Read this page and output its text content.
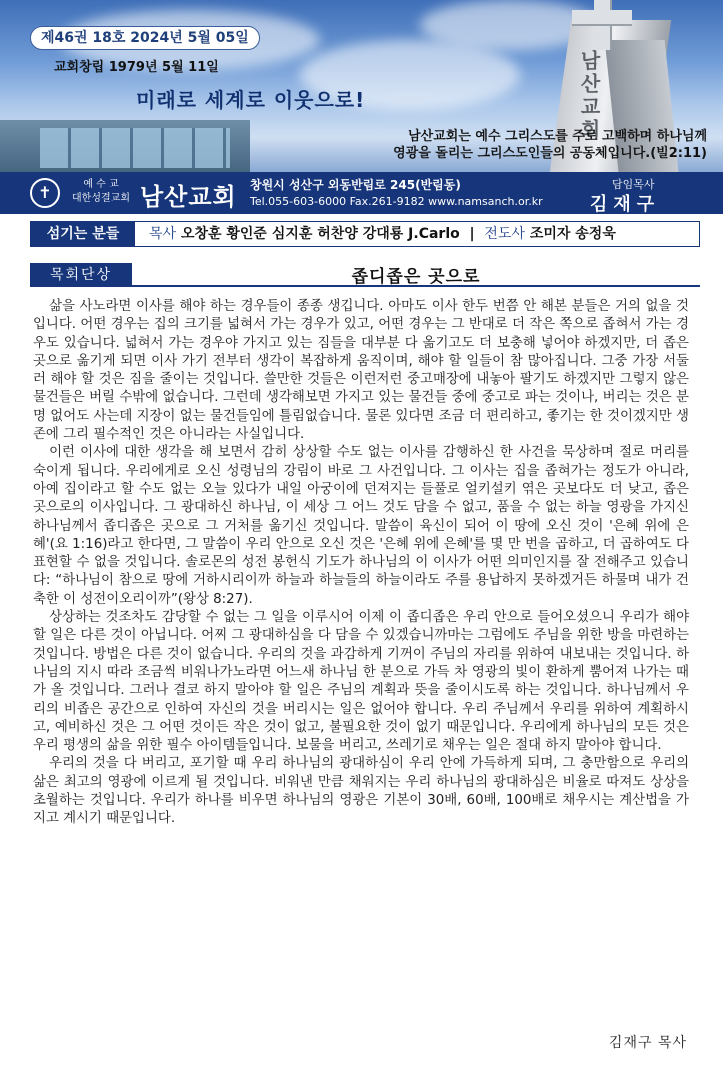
남산교회
제46권 18호 2024년 5월 05일
교회창립 1979년 5월 11일
미래로 세계로 이웃으로!
남산교회는 예수 그리스도를 주로 고백하며 하나님께
영광을 돌리는 그리스도인들의 공동체입니다.(빌2:11)
✝	예 수 교
대한성결교회 남산교회 창원시 성산구 외동반림로 245(반림동)
Tel.055-603-6000 Fax.261-9182 www.namsanch.or.kr
담임목사
김재구
섬기는 분들	목사 오창훈 황인준 심지훈 허찬양 강대룡 J.Carlo | 전도사 조미자 송정욱
목회단상	좁디좁은 곳으로

삶을 사노라면 이사를 해야 하는 경우들이 종종 생깁니다. 아마도 이사 한두 번쯤 안 해본 분들은 거의 없을 것입니다. 어떤 경우는 집의 크기를 넓혀서 가는 경우가 있고, 어떤 경우는 그 반대로 더 작은 쪽으로 좁혀서 가는 경우도 있습니다. 넓혀서 가는 경우야 가지고 있는 짐들을 대부분 다 옮기고도 더 보충해 넣어야 하겠지만, 더 좁은 곳으로 옮기게 되면 이사 가기 전부터 생각이 복잡하게 움직이며, 해야 할 일들이 참 많아집니다. 그중 가장 서둘러 해야 할 것은 짐을 줄이는 것입니다. 쓸만한 것들은 이런저런 중고매장에 내놓아 팔기도 하겠지만 그렇지 않은 물건들은 버릴 수밖에 없습니다. 그런데 생각해보면 가지고 있는 물건들 중에 중고로 파는 것이나, 버리는 것은 분명 없어도 사는데 지장이 없는 물건들임에 틀림없습니다. 물론 있다면 조금 더 편리하고, 좋기는 한 것이겠지만 생존에 그리 필수적인 것은 아니라는 사실입니다.

이런 이사에 대한 생각을 해 보면서 감히 상상할 수도 없는 이사를 감행하신 한 사건을 묵상하며 절로 머리를 숙이게 됩니다. 우리에게로 오신 성령님의 강림이 바로 그 사건입니다. 그 이사는 집을 좁혀가는 정도가 아니라, 아예 집이라고 할 수도 없는 오늘 있다가 내일 아궁이에 던져지는 들풀로 얼키설키 엮은 곳보다도 더 낮고, 좁은 곳으로의 이사입니다. 그 광대하신 하나님, 이 세상 그 어느 것도 담을 수 없고, 품을 수 없는 하늘 영광을 가지신 하나님께서 좁디좁은 곳으로 그 거처를 옮기신 것입니다. 말씀이 육신이 되어 이 땅에 오신 것이 '은혜 위에 은혜'(요 1:16)라고 한다면, 그 말씀이 우리 안으로 오신 것은 '은혜 위에 은혜'를 몇 만 번을 곱하고, 더 곱하여도 다 표현할 수 없을 것입니다. 솔로몬의 성전 봉헌식 기도가 하나님의 이 이사가 어떤 의미인지를 잘 전해주고 있습니다: “하나님이 참으로 땅에 거하시리이까 하늘과 하늘들의 하늘이라도 주를 용납하지 못하겠거든 하물며 내가 건축한 이 성전이오리이까”(왕상 8:27).

상상하는 것조차도 감당할 수 없는 그 일을 이루시어 이제 이 좁디좁은 우리 안으로 들어오셨으니 우리가 해야 할 일은 다른 것이 아닙니다. 어찌 그 광대하심을 다 담을 수 있겠습니까마는 그럼에도 주님을 위한 방을 마련하는 것입니다. 방법은 다른 것이 없습니다. 우리의 것을 과감하게 기꺼이 주님의 자리를 위하여 내보내는 것입니다. 하나님의 지시 따라 조금씩 비워나가노라면 어느새 하나님 한 분으로 가득 차 영광의 빛이 환하게 뿜어져 나가는 때가 올 것입니다. 그러나 결코 하지 말아야 할 일은 주님의 계획과 뜻을 줄이시도록 하는 것입니다. 하나님께서 우리의 비좁은 공간으로 인하여 자신의 것을 버리시는 일은 없어야 합니다. 우리 주님께서 우리를 위하여 계획하시고, 예비하신 것은 그 어떤 것이든 작은 것이 없고, 불필요한 것이 없기 때문입니다. 우리에게 하나님의 모든 것은 우리 평생의 삶을 위한 필수 아이템들입니다. 보물을 버리고, 쓰레기로 채우는 일은 절대 하지 말아야 합니다.

우리의 것을 다 버리고, 포기할 때 우리 하나님의 광대하심이 우리 안에 가득하게 되며, 그 충만함으로 우리의 삶은 최고의 영광에 이르게 될 것입니다. 비워낸 만큼 채워지는 우리 하나님의 광대하심은 비율로 따져도 상상을 초월하는 것입니다. 우리가 하나를 비우면 하나님의 영광은 기본이 30배, 60배, 100배로 채우시는 계산법을 가지고 계시기 때문입니다.

김재구 목사
